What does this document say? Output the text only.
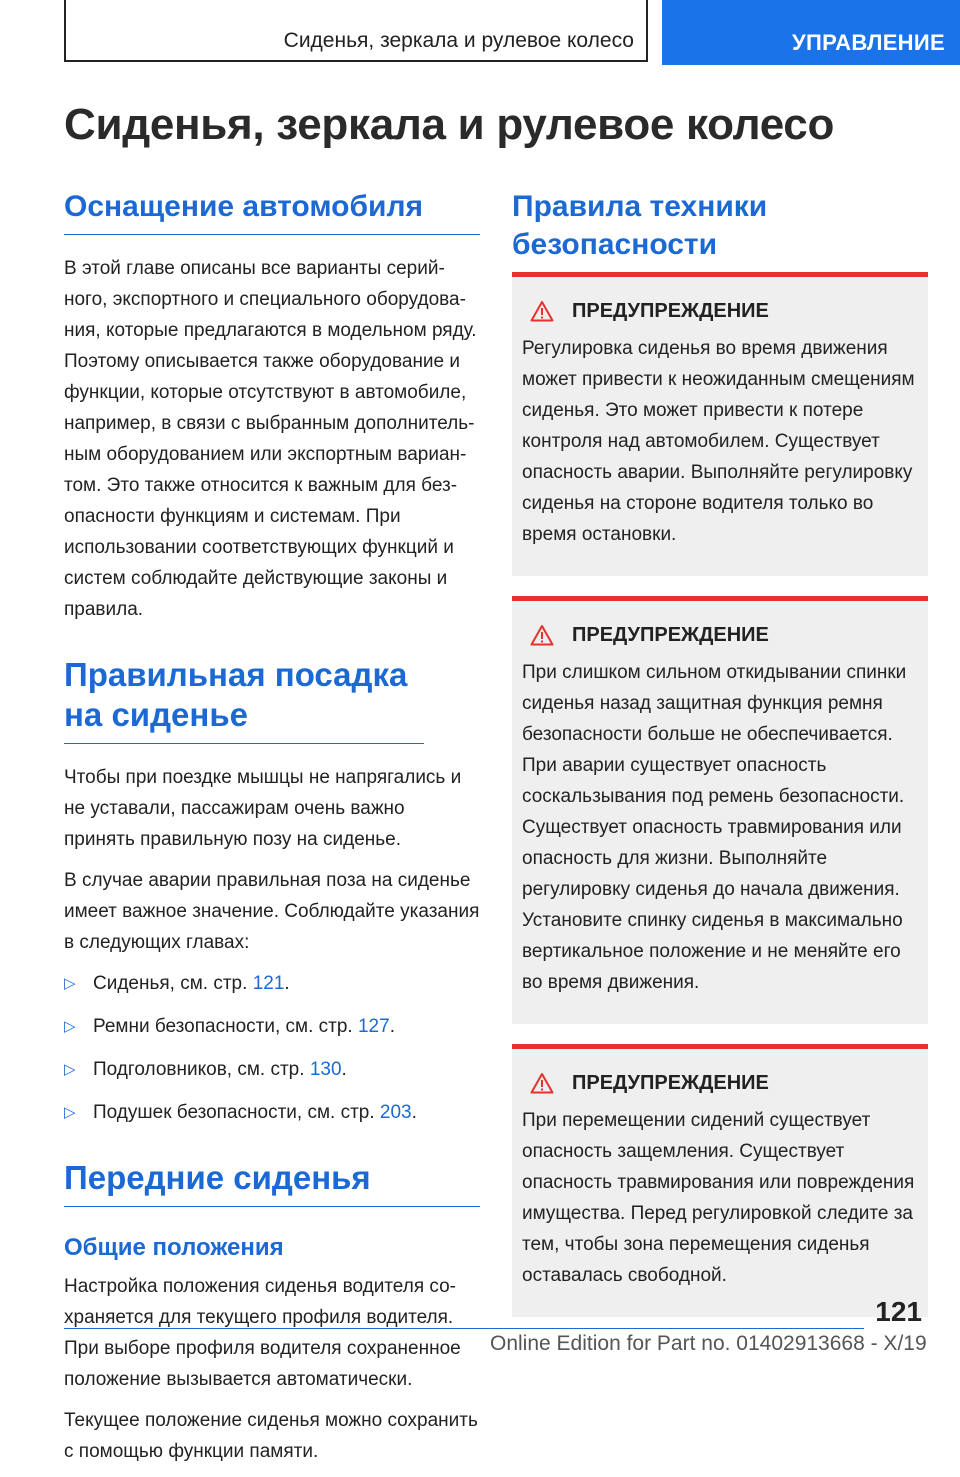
Сиденья, зеркала и рулевое колесо	УПРАВЛЕНИЕ
Сиденья, зеркала и рулевое колесо
Оснащение автомобиля

В этой главе описаны все варианты серийного, экспортного и специального оборудования, которые предлагаются в модельном ряду. Поэтому описывается также оборудование и функции, которые отсутствуют в автомобиле, например, в связи с выбранным дополнительным оборудованием или экспортным вариантом. Это также относится к важным для безопасности функциям и системам. При использовании соответствующих функций и систем соблюдайте действующие законы и правила.

Правильная посадка на сиденье

Чтобы при поездке мышцы не напрягались и не уставали, пассажирам очень важно принять правильную позу на сиденье.

В случае аварии правильная поза на сиденье имеет важное значение. Соблюдайте указания в следующих главах:

▷ Сиденья, см. стр. 121.
▷ Ремни безопасности, см. стр. 127.
▷ Подголовников, см. стр. 130.
▷ Подушек безопасности, см. стр. 203.
Передние сиденья
Общие положения

Настройка положения сиденья водителя сохраняется для текущего профиля водителя. При выборе профиля водителя сохраненное положение вызывается автоматически.

Текущее положение сиденья можно сохранить с помощью функции памяти.

Правила техники безопасности
ПРЕДУПРЕЖДЕНИЕ

Регулировка сиденья во время движения может привести к неожиданным смещениям сиденья. Это может привести к потере контроля над автомобилем. Существует опасность аварии. Выполняйте регулировку сиденья на стороне водителя только во время остановки.

ПРЕДУПРЕЖДЕНИЕ

При слишком сильном откидывании спинки сиденья назад защитная функция ремня безопасности больше не обеспечивается. При аварии существует опасность соскальзывания под ремень безопасности. Существует опасность травмирования или опасность для жизни. Выполняйте регулировку сиденья до начала движения. Установите спинку сиденья в максимально вертикальное положение и не меняйте его во время движения.

ПРЕДУПРЕЖДЕНИЕ

При перемещении сидений существует опасность защемления. Существует опасность травмирования или повреждения имущества. Перед регулировкой следите за тем, чтобы зона перемещения сиденья оставалась свободной.

121
Online Edition for Part no. 01402913668 - X/19
